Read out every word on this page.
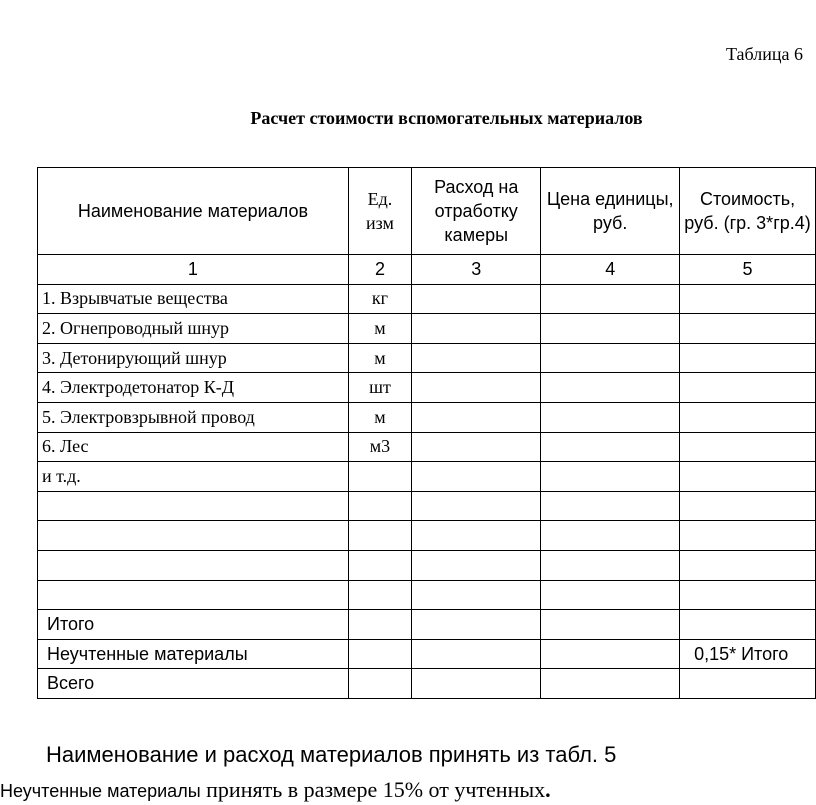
Таблица 6
Расчет стоимости вспомогательных материалов
Наименование материалов	Ед. изм	Расход на отработку камеры	Цена единицы, руб.	Стоимость, руб. (гр. 3*гр.4)
1	2	3	4	5
1. Взрывчатые вещества	кг			
2. Огнепроводный шнур	м			
3. Детонирующий шнур	м			
4. Электродетонатор К-Д	шт			
5. Электровзрывной провод	м			
6. Лес	м3			
и т.д.				

Итого				
Неучтенные материалы				0,15* Итого
Всего				
Наименование и расход материалов принять из табл. 5
Неучтенные материалы принять в размере 15% от учтенных.
